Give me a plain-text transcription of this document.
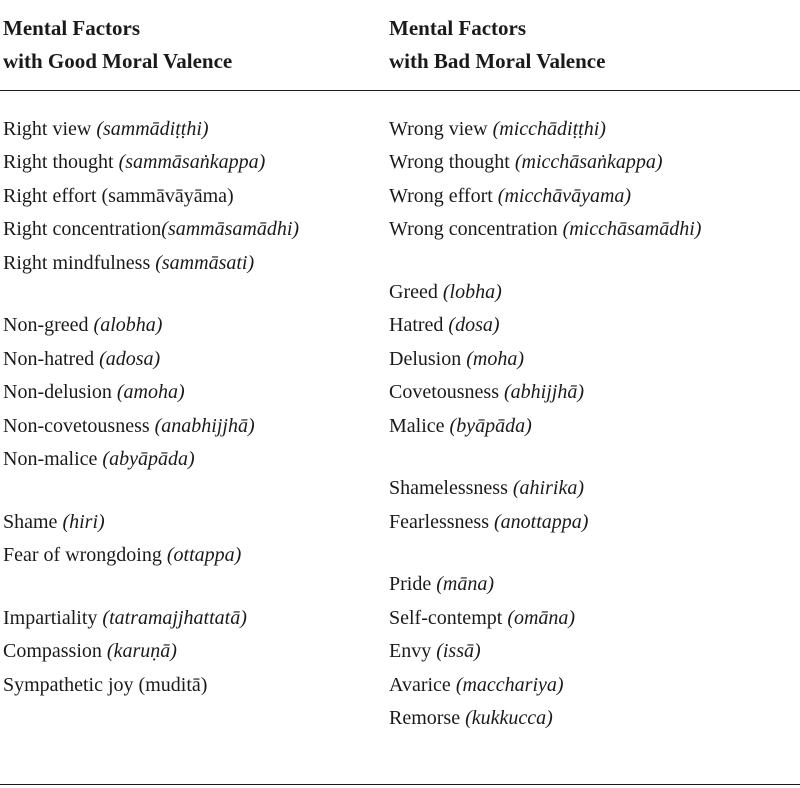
Mental Factors
with Good Moral Valence
Mental Factors
with Bad Moral Valence
Right view (sammādiṭṭhi)
Right thought (sammāsaṅkappa)
Right effort (sammāvāyāma)
Right concentration(sammāsamādhi)
Right mindfulness (sammāsati)
Non-greed (alobha)
Non-hatred (adosa)
Non-delusion (amoha)
Non-covetousness (anabhijjhā)
Non-malice (abyāpāda)
Shame (hiri)
Fear of wrongdoing (ottappa)
Impartiality (tatramajjhattatā)
Compassion (karuṇā)
Sympathetic joy (muditā)
Wrong view (micchādiṭṭhi)
Wrong thought (micchāsaṅkappa)
Wrong effort (micchāvāyama)
Wrong concentration (micchāsamādhi)
Greed (lobha)
Hatred (dosa)
Delusion (moha)
Covetousness (abhijjhā)
Malice (byāpāda)
Shamelessness (ahirika)
Fearlessness (anottappa)
Pride (māna)
Self-contempt (omāna)
Envy (issā)
Avarice (macchariya)
Remorse (kukkucca)
